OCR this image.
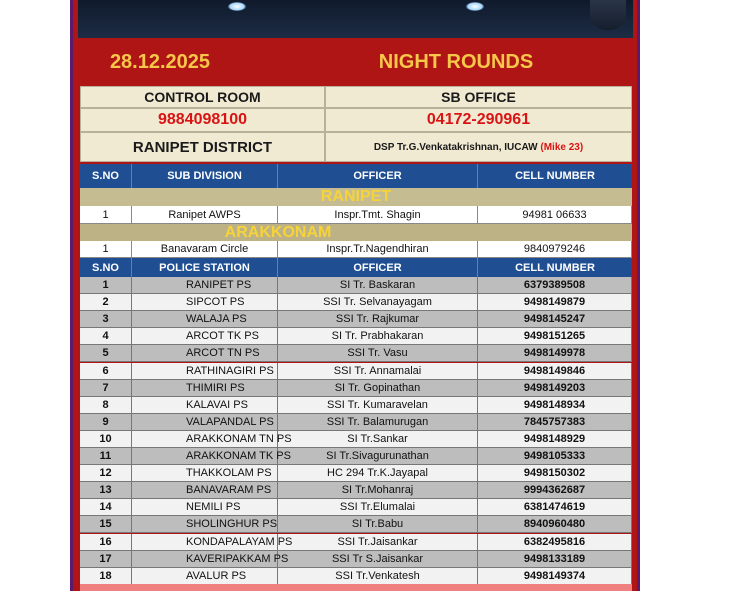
28.12.2025	NIGHT ROUNDS
CONTROL ROOM	SB OFFICE
9884098100	04172-290961
RANIPET DISTRICT	DSP Tr.G.Venkatakrishnan, IUCAW
(Mike 23)
S.NO	SUB DIVISION	OFFICER	CELL NUMBER
RANIPET
1	Ranipet AWPS	Inspr.Tmt. Shagin	94981 06633
ARAKKONAM
1	Banavaram Circle	Inspr.Tr.Nagendhiran	9840979246
S.NO	POLICE STATION	OFFICER	CELL NUMBER
1	RANIPET PS	SI Tr. Baskaran	6379389508
2	SIPCOT PS	SSI Tr. Selvanayagam	9498149879
3	WALAJA PS	SSI Tr. Rajkumar	9498145247
4	ARCOT TK PS	SI Tr. Prabhakaran	9498151265
5	ARCOT TN PS	SSI Tr. Vasu	9498149978
6	RATHINAGIRI PS	SSI Tr. Annamalai	9498149846
7	THIMIRI PS	SI Tr. Gopinathan	9498149203
8	KALAVAI PS	SSI Tr. Kumaravelan	9498148934
9	VALAPANDAL PS	SSI Tr. Balamurugan	7845757383
10	ARAKKONAM TN PS	SI Tr.Sankar	9498148929
11	ARAKKONAM TK PS	SI Tr.Sivagurunathan	9498105333
12	THAKKOLAM PS	HC 294 Tr.K.Jayapal	9498150302
13	BANAVARAM PS	SI Tr.Mohanraj	9994362687
14	NEMILI PS	SSI Tr.Elumalai	6381474619
15	SHOLINGHUR PS	SI Tr.Babu	8940960480
16	KONDAPALAYAM PS	SSI Tr.Jaisankar	6382495816
17	KAVERIPAKKAM PS	SSI Tr S.Jaisankar	9498133189
18	AVALUR PS	SSI Tr.Venkatesh	9498149374
